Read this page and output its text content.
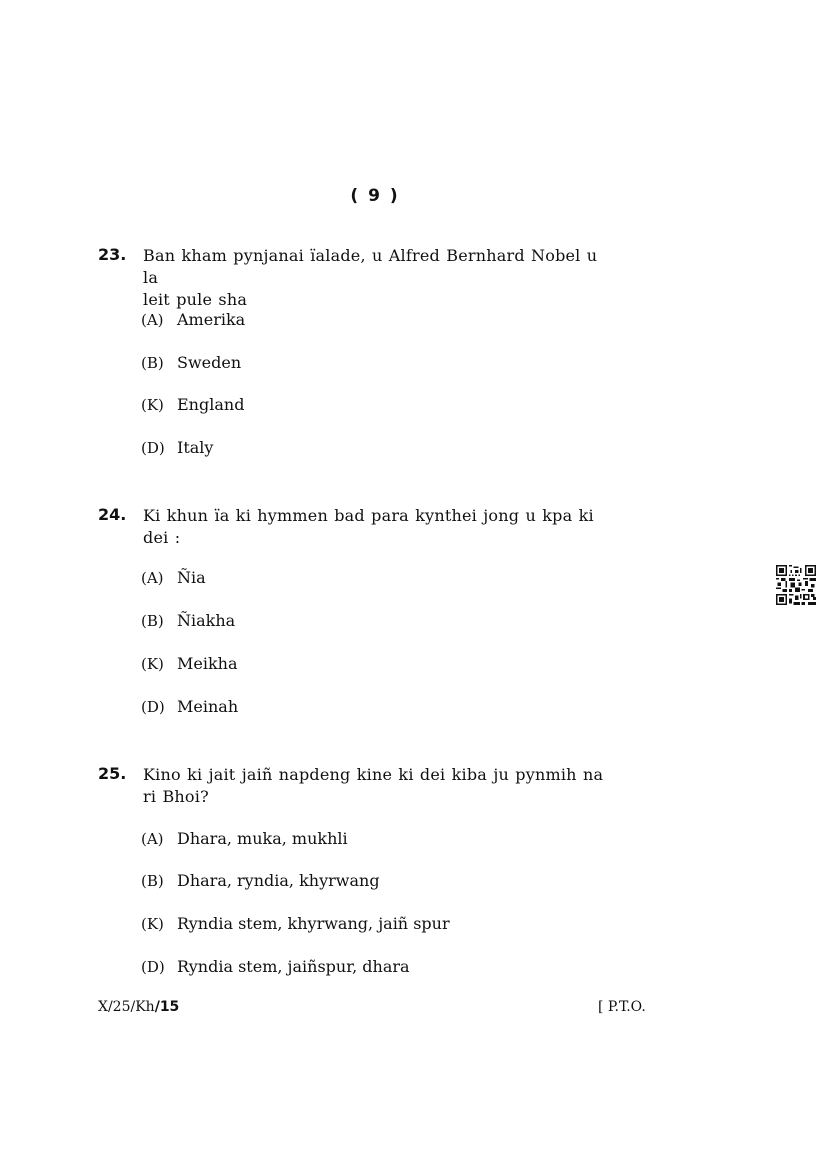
( 9 )
23. Ban kham pynjanai ïalade, u Alfred Bernhard Nobel u la
leit pule sha
(A) Amerika
(B) Sweden
(K) England
(D) Italy
24. Ki khun ïa ki hymmen bad para kynthei jong u kpa ki
dei :
(A) Ñia
(B) Ñiakha
(K) Meikha
(D) Meinah
25. Kino ki jait jaiñ napdeng kine ki dei kiba ju pynmih na
ri Bhoi?
(A) Dhara, muka, mukhli
(B) Dhara, ryndia, khyrwang
(K) Ryndia stem, khyrwang, jaiñ spur
(D) Ryndia stem, jaiñspur, dhara
X/25/Kh/15	[ P.T.O.
